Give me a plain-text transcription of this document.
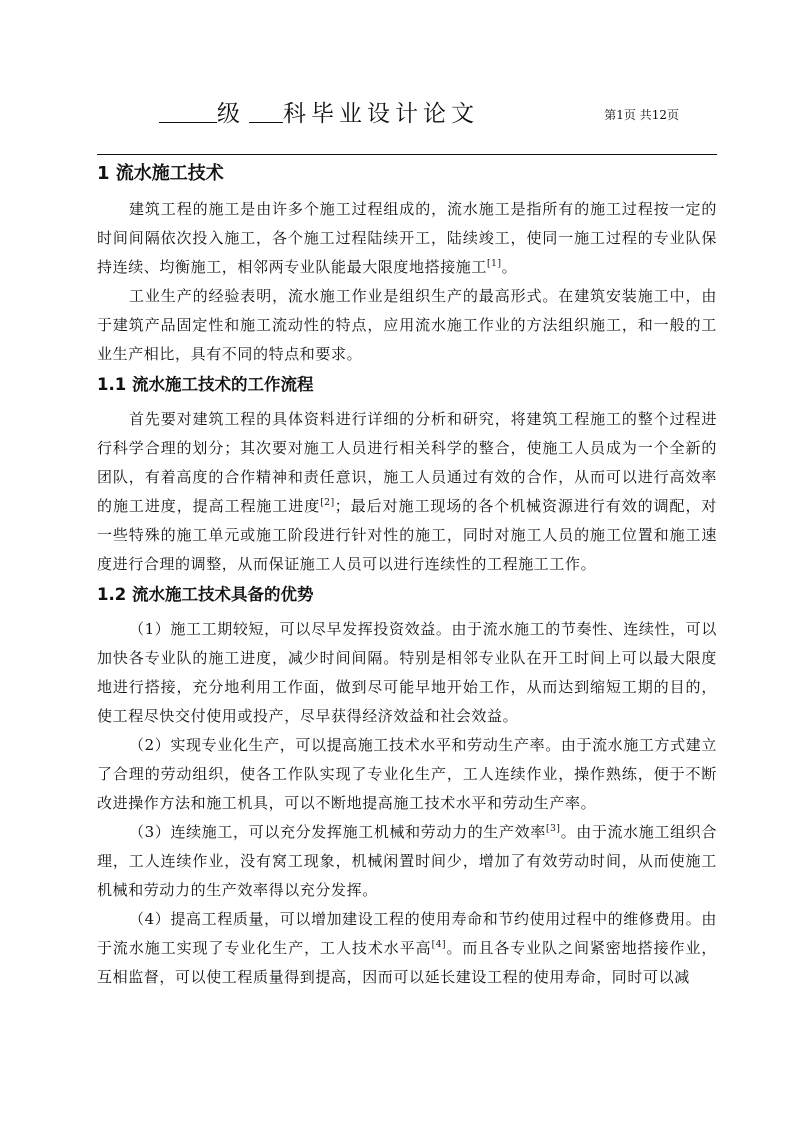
级 科毕业设计论文	第1页 共12页
1 流水施工技术

建筑工程的施工是由许多个施工过程组成的，流水施工是指所有的施工过程按一定的时间间隔依次投入施工，各个施工过程陆续开工，陆续竣工，使同一施工过程的专业队保持连续、均衡施工，相邻两专业队能最大限度地搭接施工[1]。

工业生产的经验表明，流水施工作业是组织生产的最高形式。在建筑安装施工中，由于建筑产品固定性和施工流动性的特点，应用流水施工作业的方法组织施工，和一般的工业生产相比，具有不同的特点和要求。

1.1 流水施工技术的工作流程

首先要对建筑工程的具体资料进行详细的分析和研究，将建筑工程施工的整个过程进行科学合理的划分；其次要对施工人员进行相关科学的整合，使施工人员成为一个全新的团队，有着高度的合作精神和责任意识，施工人员通过有效的合作，从而可以进行高效率的施工进度，提高工程施工进度[2]；最后对施工现场的各个机械资源进行有效的调配，对一些特殊的施工单元或施工阶段进行针对性的施工，同时对施工人员的施工位置和施工速度进行合理的调整，从而保证施工人员可以进行连续性的工程施工工作。

1.2 流水施工技术具备的优势

（1）施工工期较短，可以尽早发挥投资效益。由于流水施工的节奏性、连续性，可以加快各专业队的施工进度，减少时间间隔。特别是相邻专业队在开工时间上可以最大限度地进行搭接，充分地利用工作面，做到尽可能早地开始工作，从而达到缩短工期的目的，使工程尽快交付使用或投产，尽早获得经济效益和社会效益。

（2）实现专业化生产，可以提高施工技术水平和劳动生产率。由于流水施工方式建立了合理的劳动组织，使各工作队实现了专业化生产，工人连续作业，操作熟练，便于不断改进操作方法和施工机具，可以不断地提高施工技术水平和劳动生产率。

（3）连续施工，可以充分发挥施工机械和劳动力的生产效率[3]。由于流水施工组织合理，工人连续作业，没有窝工现象，机械闲置时间少，增加了有效劳动时间，从而使施工机械和劳动力的生产效率得以充分发挥。

（4）提高工程质量，可以增加建设工程的使用寿命和节约使用过程中的维修费用。由于流水施工实现了专业化生产，工人技术水平高[4]。而且各专业队之间紧密地搭接作业，互相监督，可以使工程质量得到提高，因而可以延长建设工程的使用寿命，同时可以减
